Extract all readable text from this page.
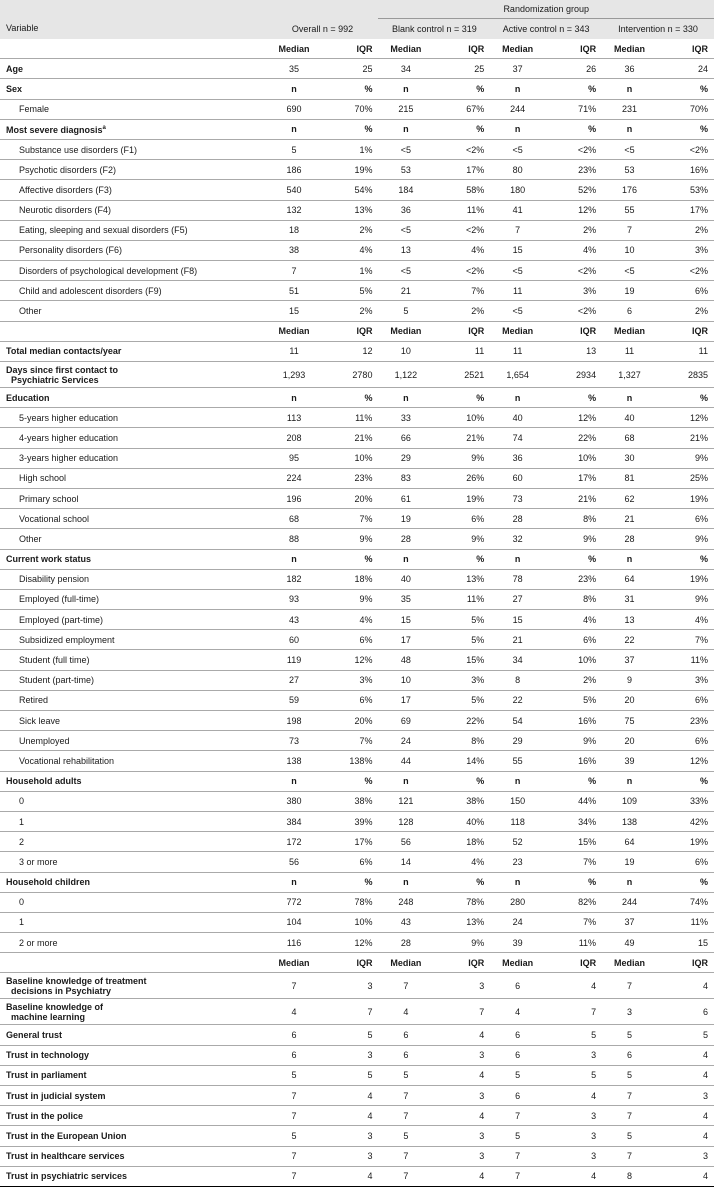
Variable			Randomization group					
	Overall n = 992		Blank control n = 319		Active control n = 343		Intervention n = 330	
	Median	IQR	Median	IQR	Median	IQR	Median	IQR
Age	35	25	34	25	37	26	36	24
Sex	n	%	n	%	n	%	n	%
Female	690	70%	215	67%	244	71%	231	70%
Most severe diagnosis$^a$	n	%	n	%	n	%	n	%
Substance use disorders (F1)	5	1%	<5	<2%	<5	<2%	<5	<2%
Psychotic disorders (F2)	186	19%	53	17%	80	23%	53	16%
Affective disorders (F3)	540	54%	184	58%	180	52%	176	53%
Neurotic disorders (F4)	132	13%	36	11%	41	12%	55	17%
Eating, sleeping and sexual disorders (F5)	18	2%	<5	<2%	7	2%	7	2%
Personality disorders (F6)	38	4%	13	4%	15	4%	10	3%
Disorders of psychological development (F8)	7	1%	<5	<2%	<5	<2%	<5	<2%
Child and adolescent disorders (F9)	51	5%	21	7%	11	3%	19	6%
Other	15	2%	5	2%	<5	<2%	6	2%
	Median	IQR	Median	IQR	Median	IQR	Median	IQR
Total median contacts/year	11	12	10	11	11	13	11	11
Days since first contact to
Psychiatric Services	1,293	2780	1,122	2521	1,654	2934	1,327	2835
Education	n	%	n	%	n	%	n	%
5-years higher education	113	11%	33	10%	40	12%	40	12%
4-years higher education	208	21%	66	21%	74	22%	68	21%
3-years higher education	95	10%	29	9%	36	10%	30	9%
High school	224	23%	83	26%	60	17%	81	25%
Primary school	196	20%	61	19%	73	21%	62	19%
Vocational school	68	7%	19	6%	28	8%	21	6%
Other	88	9%	28	9%	32	9%	28	9%
Current work status	n	%	n	%	n	%	n	%
Disability pension	182	18%	40	13%	78	23%	64	19%
Employed (full-time)	93	9%	35	11%	27	8%	31	9%
Employed (part-time)	43	4%	15	5%	15	4%	13	4%
Subsidized employment	60	6%	17	5%	21	6%	22	7%
Student (full time)	119	12%	48	15%	34	10%	37	11%
Student (part-time)	27	3%	10	3%	8	2%	9	3%
Retired	59	6%	17	5%	22	5%	20	6%
Sick leave	198	20%	69	22%	54	16%	75	23%
Unemployed	73	7%	24	8%	29	9%	20	6%
Vocational rehabilitation	138	138%	44	14%	55	16%	39	12%
Household adults	n	%	n	%	n	%	n	%
0	380	38%	121	38%	150	44%	109	33%
1	384	39%	128	40%	118	34%	138	42%
2	172	17%	56	18%	52	15%	64	19%
3 or more	56	6%	14	4%	23	7%	19	6%
Household children	n	%	n	%	n	%	n	%
0	772	78%	248	78%	280	82%	244	74%
1	104	10%	43	13%	24	7%	37	11%
2 or more	116	12%	28	9%	39	11%	49	15
	Median	IQR	Median	IQR	Median	IQR	Median	IQR
Baseline knowledge of treatment
decisions in Psychiatry	7	3	7	3	6	4	7	4
Baseline knowledge of
machine learning	4	7	4	7	4	7	3	6
General trust	6	5	6	4	6	5	5	5
Trust in technology	6	3	6	3	6	3	6	4
Trust in parliament	5	5	5	4	5	5	5	4
Trust in judicial system	7	4	7	3	6	4	7	3
Trust in the police	7	4	7	4	7	3	7	4
Trust in the European Union	5	3	5	3	5	3	5	4
Trust in healthcare services	7	3	7	3	7	3	7	3
Trust in psychiatric services	7	4	7	4	7	4	8	4
